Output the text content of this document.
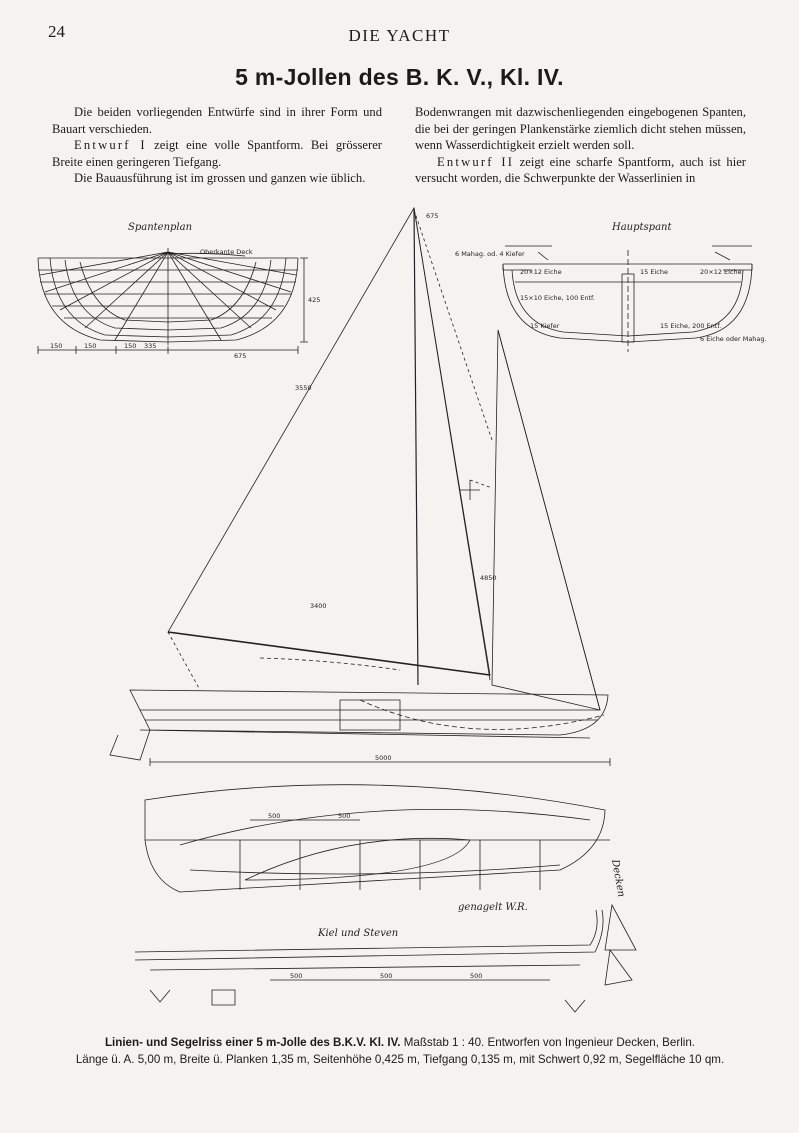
24	DIE YACHT
5 m-Jollen des B. K. V., Kl. IV.

Die beiden vorliegenden Entwürfe sind in ihrer Form und Bauart verschieden.

Entwurf I zeigt eine volle Spantform. Bei grösserer Breite einen geringeren Tiefgang.

Die Bauausführung ist im grossen und ganzen wie üblich.

Bodenwrangen mit dazwischenliegenden eingebogenen Spanten, die bei der geringen Plankenstärke ziemlich dicht stehen müssen, wenn Wasserdichtigkeit erzielt werden soll.

Entwurf II zeigt eine scharfe Spantform, auch ist hier versucht worden, die Schwerpunkte der Wasserlinien in

Spantenplan
Oberkante Deck
150	150	150 335
675
425
Hauptspant
6 Mahag. od. 4 Kiefer
20×12 Eiche	15 Eiche	20×12 Eiche
15×10 Eiche, 100 Entf.
15 Kiefer	15 Eiche, 200 Entf.
6 Eiche oder Mahag.
3550
675
3400
4850
5000
500	500
genagelt W.R.
Decken
Kiel und Steven
500	500	500
Linien- und Segelriss einer 5 m-Jolle des B.K.V. Kl. IV. Maßstab 1 : 40. Entworfen von Ingenieur Decken, Berlin.
Länge ü. A. 5,00 m, Breite ü. Planken 1,35 m, Seitenhöhe 0,425 m, Tiefgang 0,135 m, mit Schwert 0,92 m, Segelfläche 10 qm.
